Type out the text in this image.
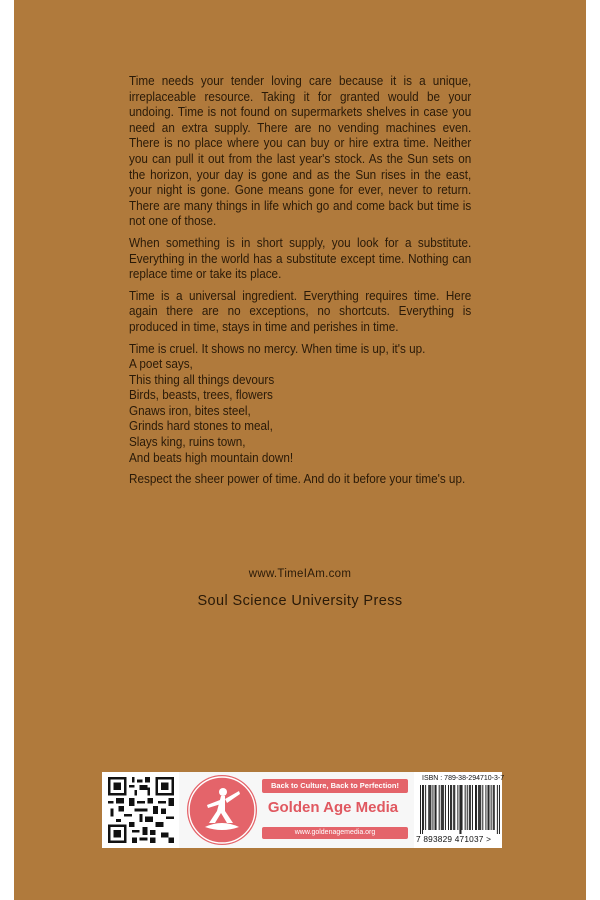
Time needs your tender loving care because it is a unique, irreplaceable resource. Taking it for granted would be your undoing. Time is not found on supermarkets shelves in case you need an extra supply. There are no vending machines even. There is no place where you can buy or hire extra time. Neither you can pull it out from the last year's stock. As the Sun sets on the horizon, your day is gone and as the Sun rises in the east, your night is gone. Gone means gone for ever, never to return. There are many things in life which go and come back but time is not one of those.

When something is in short supply, you look for a substitute. Everything in the world has a substitute except time. Nothing can replace time or take its place.

Time is a universal ingredient. Everything requires time. Here again there are no exceptions, no shortcuts. Everything is produced in time, stays in time and perishes in time.

Time is cruel. It shows no mercy. When time is up, it's up.

A poet says,
This thing all things devours
Birds, beasts, trees, flowers
Gnaws iron, bites steel,
Grinds hard stones to meal,
Slays king, ruins town,
And beats high mountain down!

Respect the sheer power of time. And do it before your time's up.

www.TimeIAm.com
Soul Science University Press
Back to Culture, Back to Perfection!
Golden Age Media
www.goldenagemedia.org
ISBN : 789-38-294710-3-7
7 893829 471037 >
